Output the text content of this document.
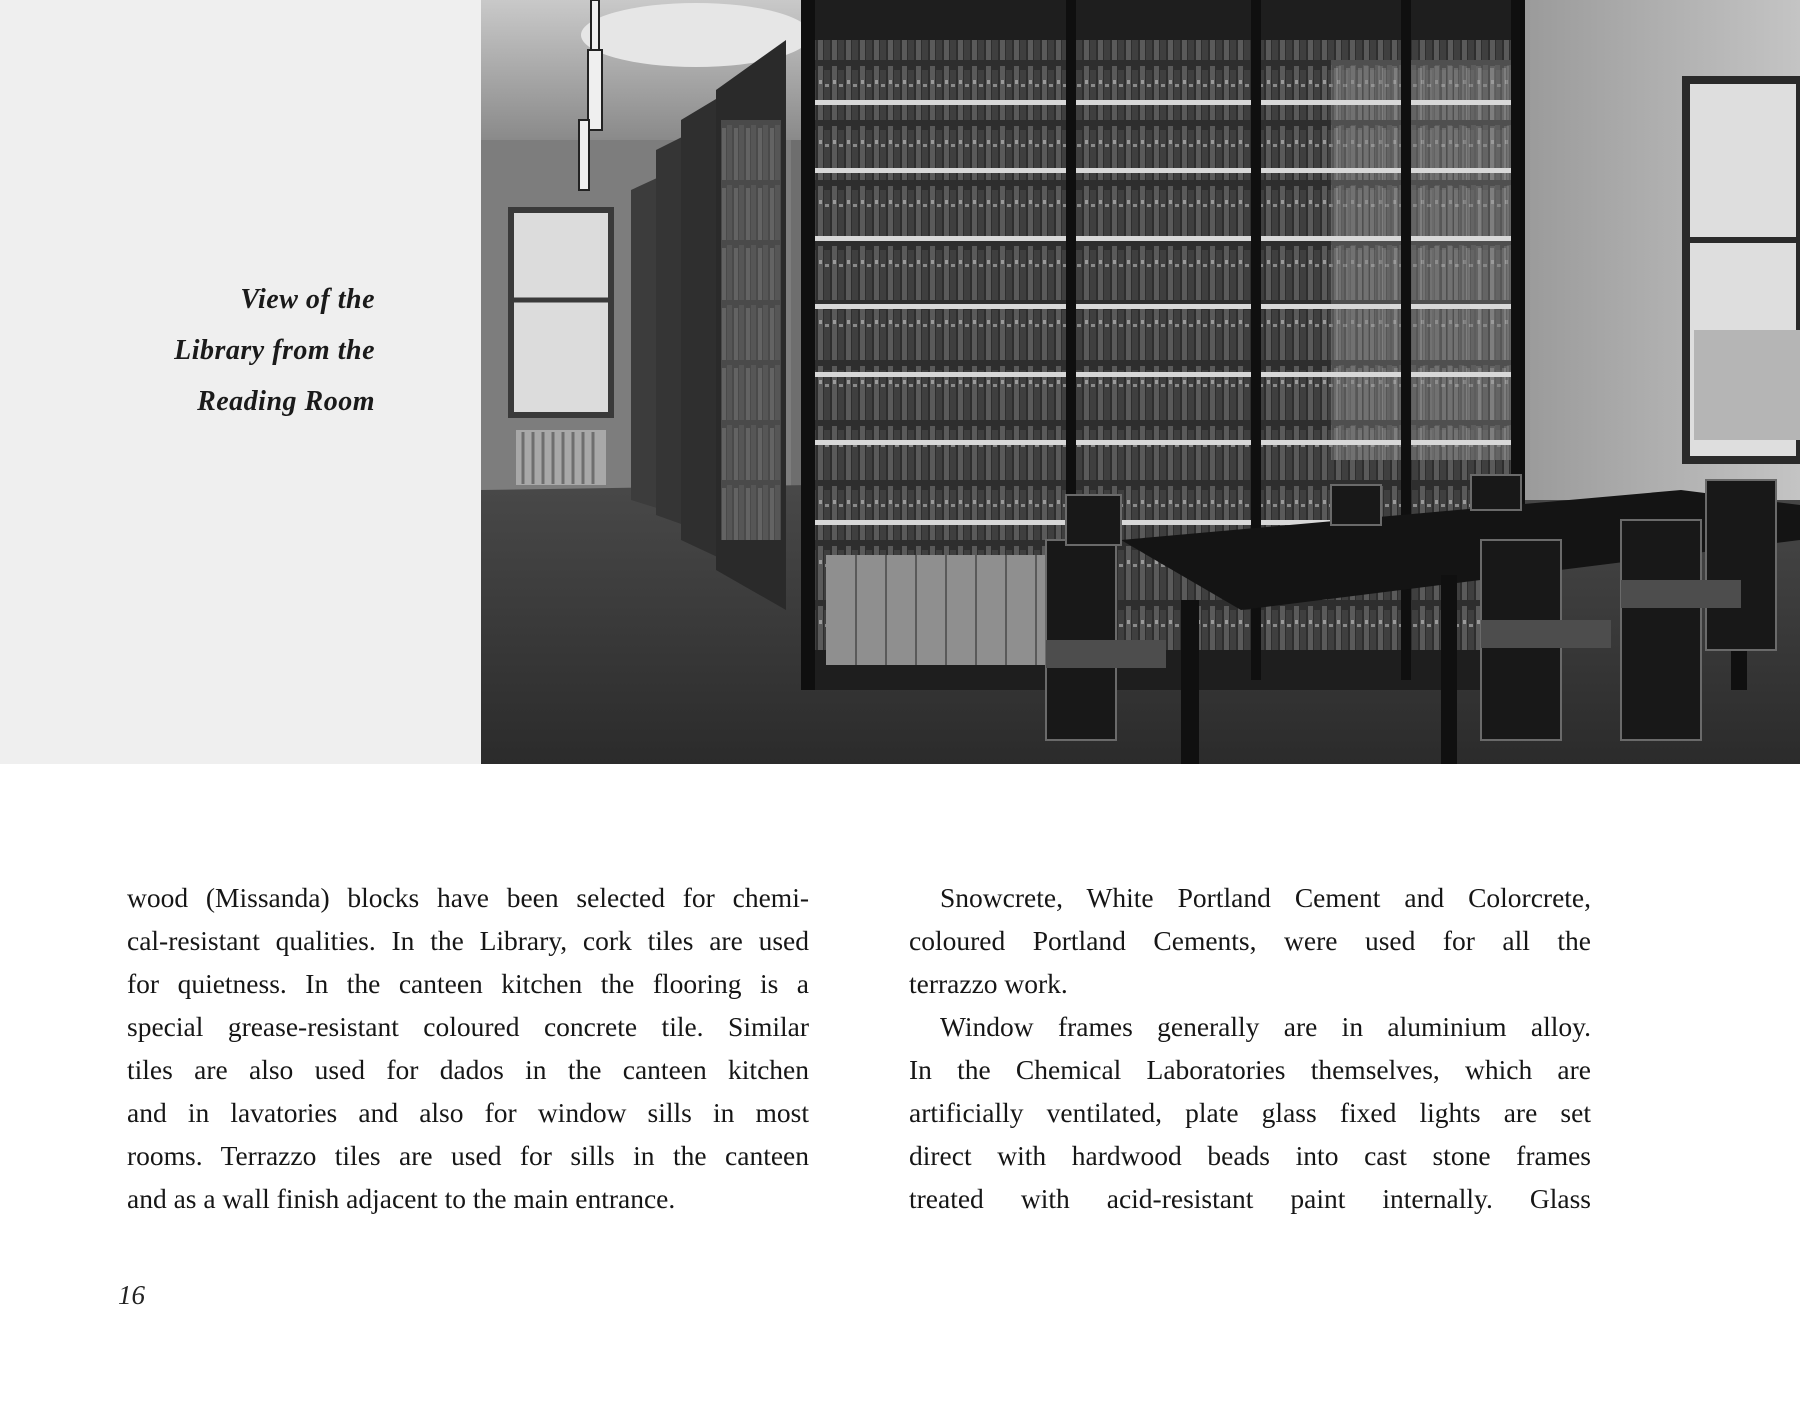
View of the
Library from the
Reading Room

wood (Missanda) blocks have been selected for chemi-
cal-resistant qualities. In the Library, cork tiles are used
for quietness. In the canteen kitchen the flooring is a
special grease-resistant coloured concrete tile. Similar
tiles are also used for dados in the canteen kitchen
and in lavatories and also for window sills in most
rooms. Terrazzo tiles are used for sills in the canteen
and as a wall finish adjacent to the main entrance.

Snowcrete, White Portland Cement and Colorcrete,
coloured Portland Cements, were used for all the
terrazzo work.

Window frames generally are in aluminium alloy.
In the Chemical Laboratories themselves, which are
artificially ventilated, plate glass fixed lights are set
direct with hardwood beads into cast stone frames
treated with acid-resistant paint internally. Glass

16
